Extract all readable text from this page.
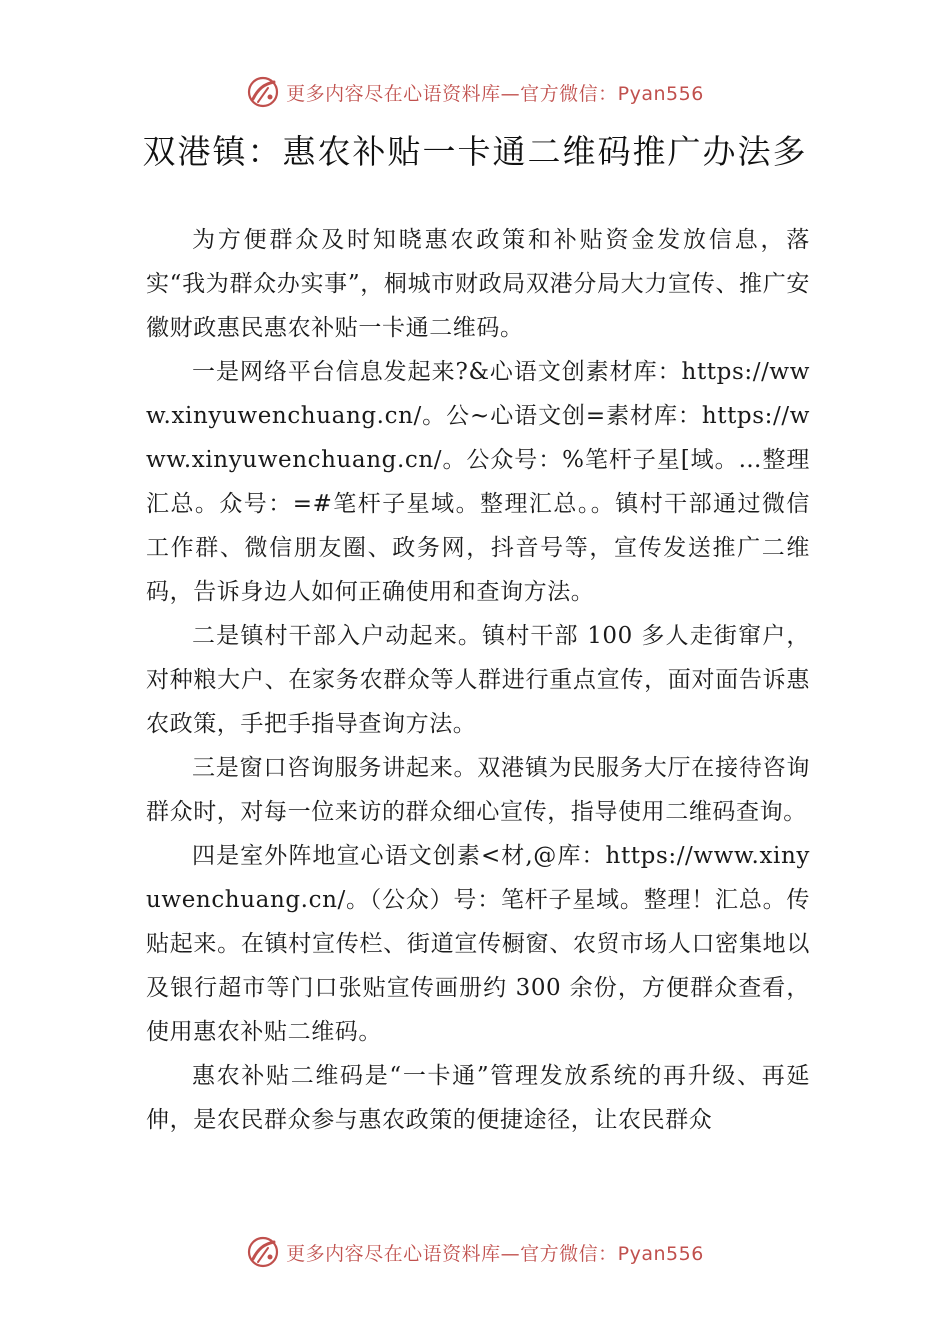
更多内容尽在心语资料库—官方微信：Pyan556
双港镇：惠农补贴一卡通二维码推广办法多

为方便群众及时知晓惠农政策和补贴资金发放信息，落实“我为群众办实事”，桐城市财政局双港分局大力宣传、推广安徽财政惠民惠农补贴一卡通二维码。

一是网络平台信息发起来?&心语文创素材库：https://www.xinyuwenchuang.cn/。公~心语文创=素材库：https://www.xinyuwenchuang.cn/。公众号：%笔杆子星[域。…整理汇总。众号：=#笔杆子星域。整理汇总。。镇村干部通过微信工作群、微信朋友圈、政务网，抖音号等，宣传发送推广二维码，告诉身边人如何正确使用和查询方法。

二是镇村干部入户动起来。镇村干部 100 多人走街窜户，对种粮大户、在家务农群众等人群进行重点宣传，面对面告诉惠农政策，手把手指导查询方法。

三是窗口咨询服务讲起来。双港镇为民服务大厅在接待咨询群众时，对每一位来访的群众细心宣传，指导使用二维码查询。

四是室外阵地宣心语文创素<材,@库：https://www.xinyuwenchuang.cn/。（公众）号：笔杆子星域。整理！汇总。传贴起来。在镇村宣传栏、街道宣传橱窗、农贸市场人口密集地以及银行超市等门口张贴宣传画册约 300 余份，方便群众查看，使用惠农补贴二维码。

惠农补贴二维码是“一卡通”管理发放系统的再升级、再延伸，是农民群众参与惠农政策的便捷途径，让农民群众

更多内容尽在心语资料库—官方微信：Pyan556
